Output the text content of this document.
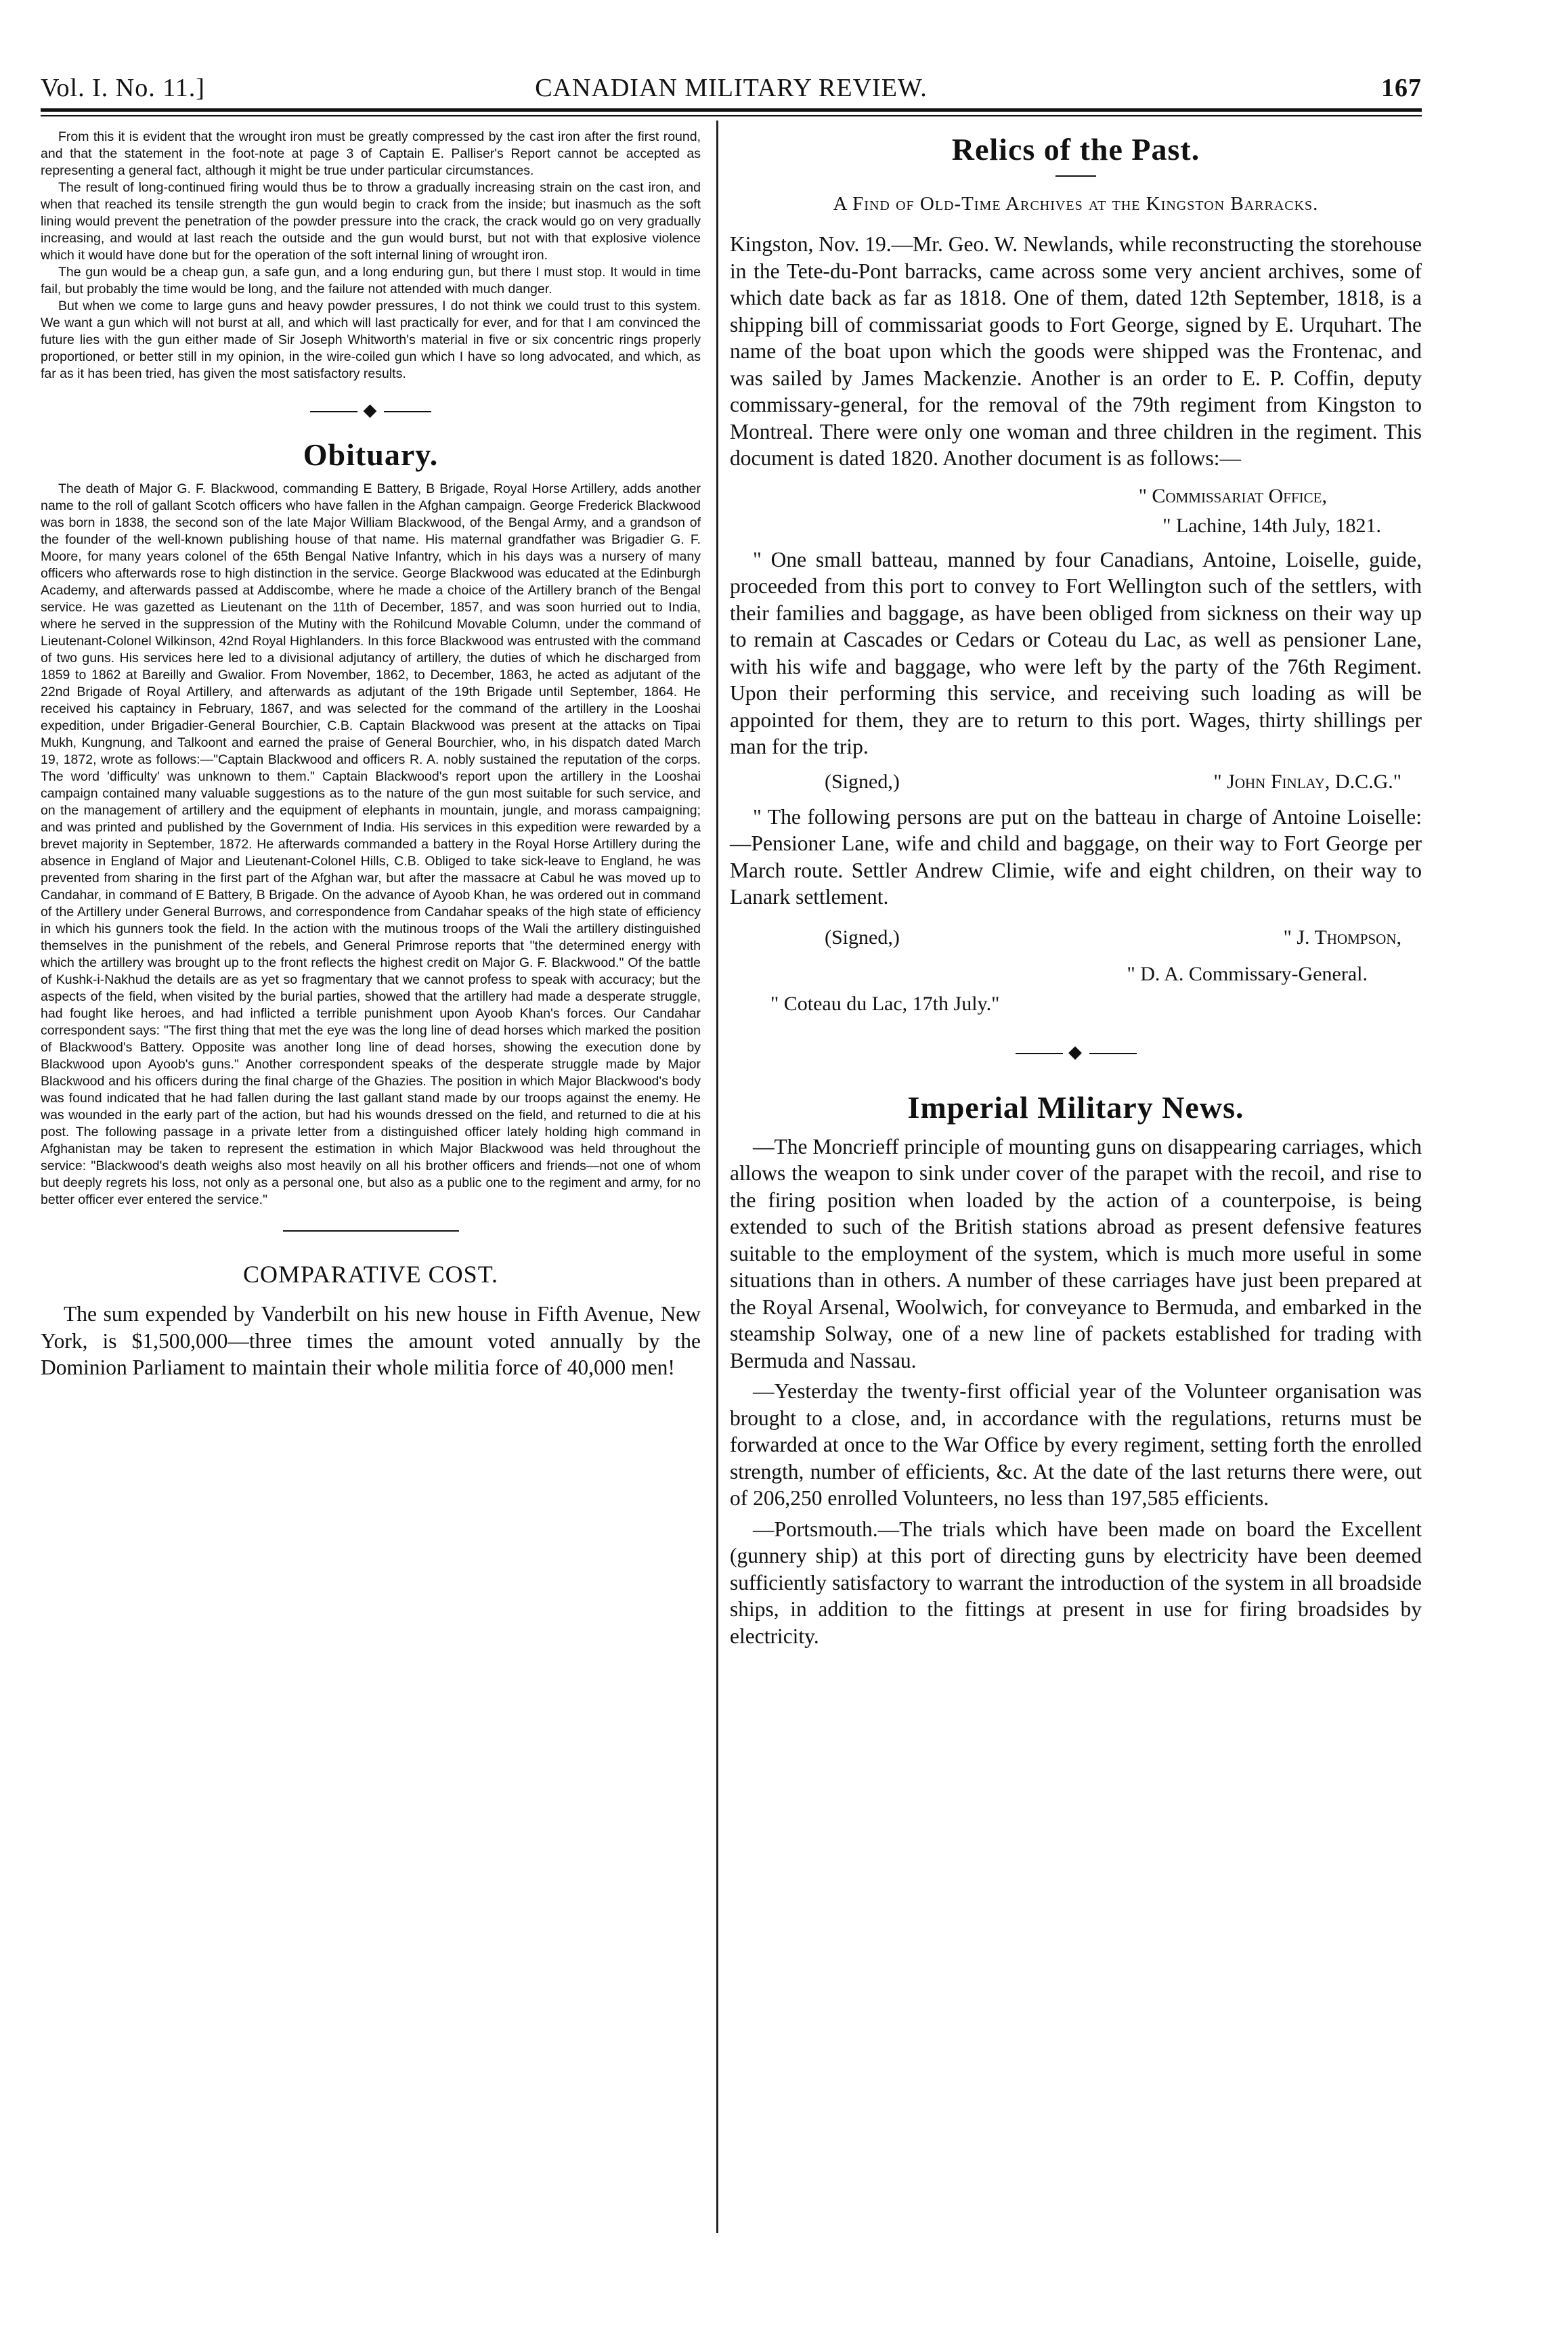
Vol. I. No. 11.]	CANADIAN MILITARY REVIEW.	167

From this it is evident that the wrought iron must be greatly compressed by the cast iron after the first round, and that the statement in the foot-note at page 3 of Captain E. Palliser's Report cannot be accepted as representing a general fact, although it might be true under particular circumstances.

The result of long-continued firing would thus be to throw a gradually increasing strain on the cast iron, and when that reached its tensile strength the gun would begin to crack from the inside; but inasmuch as the soft lining would prevent the penetration of the powder pressure into the crack, the crack would go on very gradually increasing, and would at last reach the outside and the gun would burst, but not with that explosive violence which it would have done but for the operation of the soft internal lining of wrought iron.

The gun would be a cheap gun, a safe gun, and a long enduring gun, but there I must stop. It would in time fail, but probably the time would be long, and the failure not attended with much danger.

But when we come to large guns and heavy powder pressures, I do not think we could trust to this system. We want a gun which will not burst at all, and which will last practically for ever, and for that I am convinced the future lies with the gun either made of Sir Joseph Whitworth's material in five or six concentric rings properly proportioned, or better still in my opinion, in the wire-coiled gun which I have so long advocated, and which, as far as it has been tried, has given the most satisfactory results.

◆
Obituary.

The death of Major G. F. Blackwood, commanding E Battery, B Brigade, Royal Horse Artillery, adds another name to the roll of gallant Scotch officers who have fallen in the Afghan campaign. George Frederick Blackwood was born in 1838, the second son of the late Major William Blackwood, of the Bengal Army, and a grandson of the founder of the well-known publishing house of that name. His maternal grandfather was Brigadier G. F. Moore, for many years colonel of the 65th Bengal Native Infantry, which in his days was a nursery of many officers who afterwards rose to high distinction in the service. George Blackwood was educated at the Edinburgh Academy, and afterwards passed at Addiscombe, where he made a choice of the Artillery branch of the Bengal service. He was gazetted as Lieutenant on the 11th of December, 1857, and was soon hurried out to India, where he served in the suppression of the Mutiny with the Rohilcund Movable Column, under the command of Lieutenant-Colonel Wilkinson, 42nd Royal Highlanders. In this force Blackwood was entrusted with the command of two guns. His services here led to a divisional adjutancy of artillery, the duties of which he discharged from 1859 to 1862 at Bareilly and Gwalior. From November, 1862, to December, 1863, he acted as adjutant of the 22nd Brigade of Royal Artillery, and afterwards as adjutant of the 19th Brigade until September, 1864. He received his captaincy in February, 1867, and was selected for the command of the artillery in the Looshai expedition, under Brigadier-General Bourchier, C.B. Captain Blackwood was present at the attacks on Tipai Mukh, Kungnung, and Talkoont and earned the praise of General Bourchier, who, in his dispatch dated March 19, 1872, wrote as follows:—"Captain Blackwood and officers R. A. nobly sustained the reputation of the corps. The word 'difficulty' was unknown to them." Captain Blackwood's report upon the artillery in the Looshai campaign contained many valuable suggestions as to the nature of the gun most suitable for such service, and on the management of artillery and the equipment of elephants in mountain, jungle, and morass campaigning; and was printed and published by the Government of India. His services in this expedition were rewarded by a brevet majority in September, 1872. He afterwards commanded a battery in the Royal Horse Artillery during the absence in England of Major and Lieutenant-Colonel Hills, C.B. Obliged to take sick-leave to England, he was prevented from sharing in the first part of the Afghan war, but after the massacre at Cabul he was moved up to Candahar, in command of E Battery, B Brigade. On the advance of Ayoob Khan, he was ordered out in command of the Artillery under General Burrows, and correspondence from Candahar speaks of the high state of efficiency in which his gunners took the field. In the action with the mutinous troops of the Wali the artillery distinguished themselves in the punishment of the rebels, and General Primrose reports that "the determined energy with which the artillery was brought up to the front reflects the highest credit on Major G. F. Blackwood." Of the battle of Kushk-i-Nakhud the details are as yet so fragmentary that we cannot profess to speak with accuracy; but the aspects of the field, when visited by the burial parties, showed that the artillery had made a desperate struggle, had fought like heroes, and had inflicted a terrible punishment upon Ayoob Khan's forces. Our Candahar correspondent says: "The first thing that met the eye was the long line of dead horses which marked the position of Blackwood's Battery. Opposite was another long line of dead horses, showing the execution done by Blackwood upon Ayoob's guns." Another correspondent speaks of the desperate struggle made by Major Blackwood and his officers during the final charge of the Ghazies. The position in which Major Blackwood's body was found indicated that he had fallen during the last gallant stand made by our troops against the enemy. He was wounded in the early part of the action, but had his wounds dressed on the field, and returned to die at his post. The following passage in a private letter from a distinguished officer lately holding high command in Afghanistan may be taken to represent the estimation in which Major Blackwood was held throughout the service: "Blackwood's death weighs also most heavily on all his brother officers and friends—not one of whom but deeply regrets his loss, not only as a personal one, but also as a public one to the regiment and army, for no better officer ever entered the service."

COMPARATIVE COST.

The sum expended by Vanderbilt on his new house in Fifth Avenue, New York, is $1,500,000—three times the amount voted annually by the Dominion Parliament to maintain their whole militia force of 40,000 men!

Relics of the Past.
A Find of Old-Time Archives at the Kingston Barracks.

Kingston, Nov. 19.—Mr. Geo. W. Newlands, while reconstructing the storehouse in the Tete-du-Pont barracks, came across some very ancient archives, some of which date back as far as 1818. One of them, dated 12th September, 1818, is a shipping bill of commissariat goods to Fort George, signed by E. Urquhart. The name of the boat upon which the goods were shipped was the Frontenac, and was sailed by James Mackenzie. Another is an order to E. P. Coffin, deputy commissary-general, for the removal of the 79th regiment from Kingston to Montreal. There were only one woman and three children in the regiment. This document is dated 1820. Another document is as follows:—

" Commissariat Office,
" Lachine, 14th July, 1821.

" One small batteau, manned by four Canadians, Antoine, Loiselle, guide, proceeded from this port to convey to Fort Wellington such of the settlers, with their families and baggage, as have been obliged from sickness on their way up to remain at Cascades or Cedars or Coteau du Lac, as well as pensioner Lane, with his wife and baggage, who were left by the party of the 76th Regiment. Upon their performing this service, and receiving such loading as will be appointed for them, they are to return to this port. Wages, thirty shillings per man for the trip.

(Signed,)	" John Finlay, D.C.G."

" The following persons are put on the batteau in charge of Antoine Loiselle:—Pensioner Lane, wife and child and baggage, on their way to Fort George per March route. Settler Andrew Climie, wife and eight children, on their way to Lanark settlement.

(Signed,)	" J. Thompson,
" D. A. Commissary-General.
" Coteau du Lac, 17th July."
◆
Imperial Military News.

—The Moncrieff principle of mounting guns on disappearing carriages, which allows the weapon to sink under cover of the parapet with the recoil, and rise to the firing position when loaded by the action of a counterpoise, is being extended to such of the British stations abroad as present defensive features suitable to the employment of the system, which is much more useful in some situations than in others. A number of these carriages have just been prepared at the Royal Arsenal, Woolwich, for conveyance to Bermuda, and embarked in the steamship Solway, one of a new line of packets established for trading with Bermuda and Nassau.

—Yesterday the twenty-first official year of the Volunteer organisation was brought to a close, and, in accordance with the regulations, returns must be forwarded at once to the War Office by every regiment, setting forth the enrolled strength, number of efficients, &c. At the date of the last returns there were, out of 206,250 enrolled Volunteers, no less than 197,585 efficients.

—Portsmouth.—The trials which have been made on board the Excellent (gunnery ship) at this port of directing guns by electricity have been deemed sufficiently satisfactory to warrant the introduction of the system in all broadside ships, in addition to the fittings at present in use for firing broadsides by electricity.
